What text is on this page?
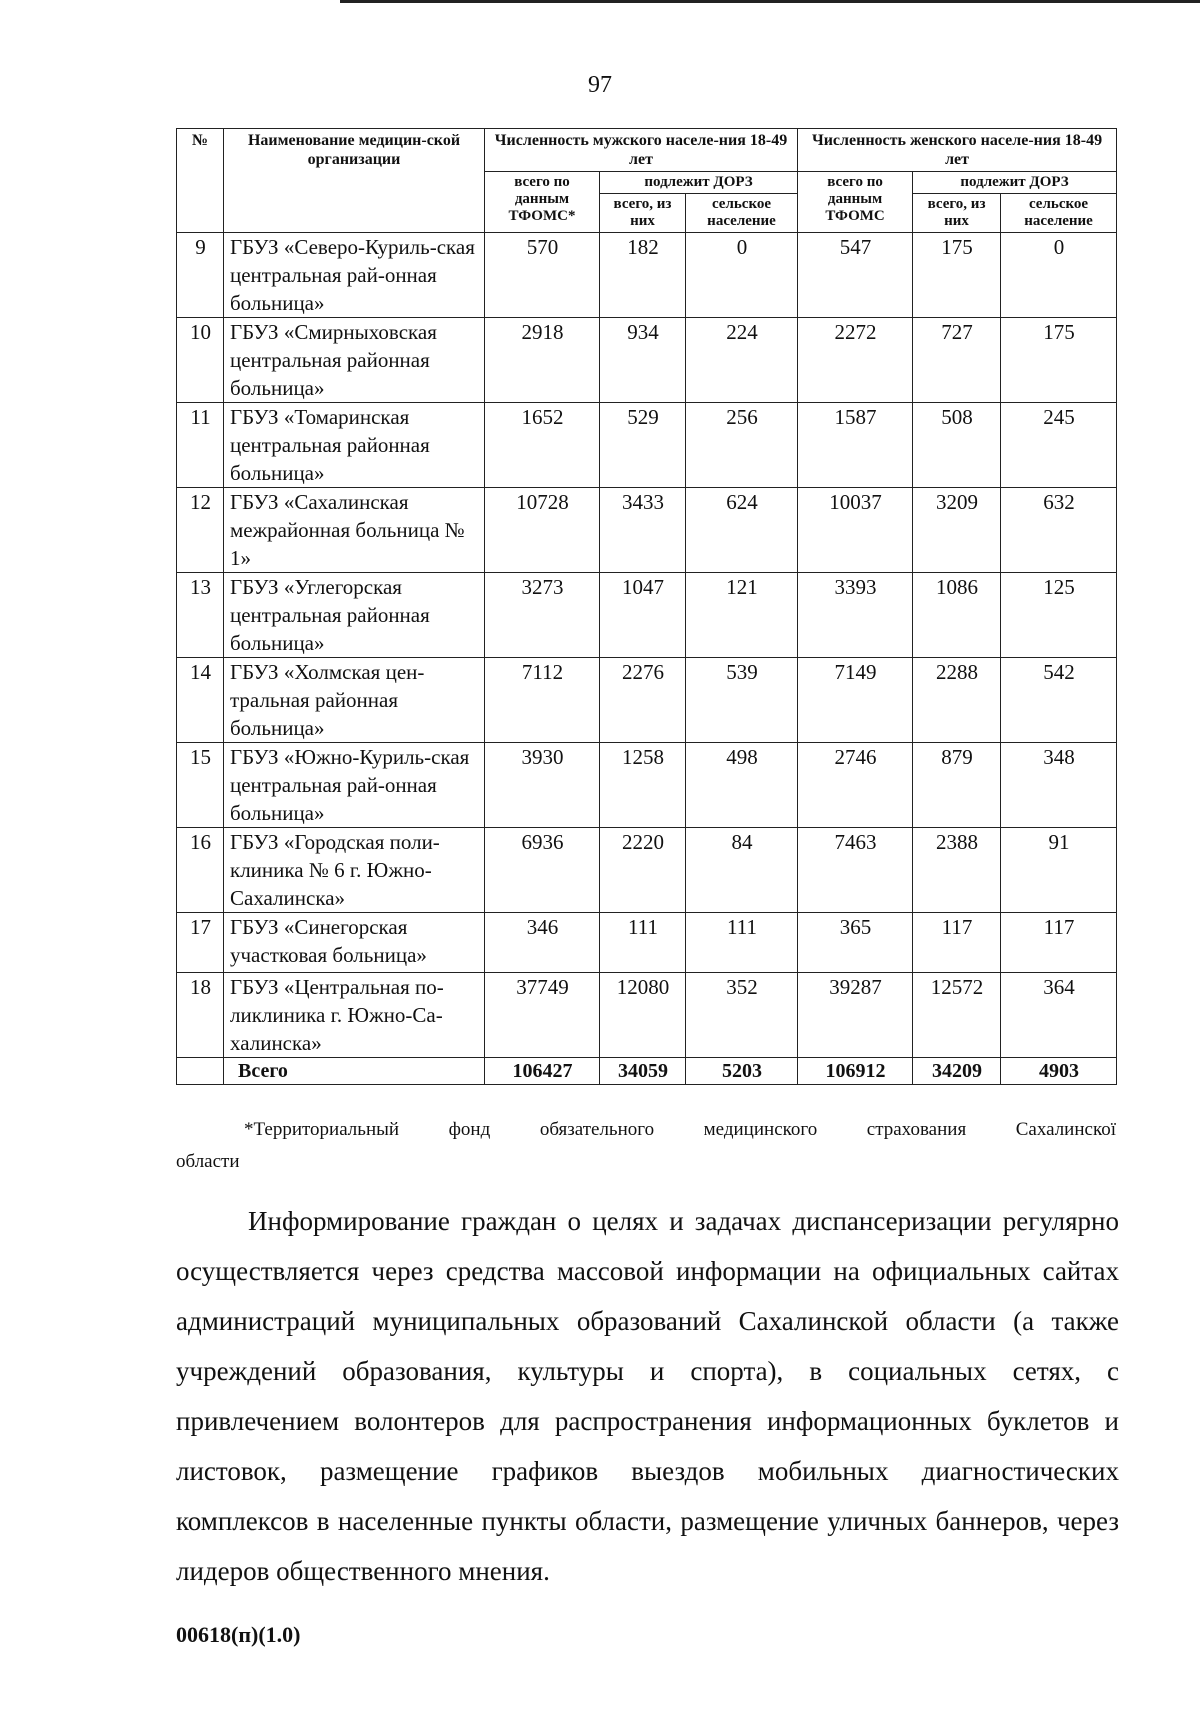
97
№	Наименование медицин-ской организации	Численность мужского населе-ния 18-49 лет			Численность женского населе-ния 18-49 лет		
		всего по данным ТФОМС*	подлежит ДОРЗ		всего по данным ТФОМС	подлежит ДОРЗ	
			всего, из них	сельское население		всего, из них	сельское население
9	ГБУЗ «Северо-Куриль-ская центральная рай-онная больница»	570	182	0	547	175	0
10	ГБУЗ «Смирныховская центральная районная больница»	2918	934	224	2272	727	175
11	ГБУЗ «Томаринская центральная районная больница»	1652	529	256	1587	508	245
12	ГБУЗ «Сахалинская межрайонная больница № 1»	10728	3433	624	10037	3209	632
13	ГБУЗ «Углегорская центральная районная больница»	3273	1047	121	3393	1086	125
14	ГБУЗ «Холмская цен-тральная районная больница»	7112	2276	539	7149	2288	542
15	ГБУЗ «Южно-Куриль-ская центральная рай-онная больница»	3930	1258	498	2746	879	348
16	ГБУЗ «Городская поли-клиника № 6 г. Южно-Сахалинска»	6936	2220	84	7463	2388	91
17	ГБУЗ «Синегорская участковая больница»	346	111	111	365	117	117
18	ГБУЗ «Центральная по-ликлиника г. Южно-Са-халинска»	37749	12080	352	39287	12572	364
	Всего	106427	34059	5203	106912	34209	4903
*Территориальный фонд обязательного медицинского страхования Сахалинскої
области

Информирование граждан о целях и задачах диспансеризации регулярно осуществляется через средства массовой информации на официальных сайтах администраций муниципальных образований Сахалинской области (а также учреждений образования, культуры и спорта), в социальных сетях, с привлечением волонтеров для распространения информационных буклетов и листовок, размещение графиков выездов мобильных диагностических комплексов в населенные пункты области, размещение уличных баннеров, через лидеров общественного мнения.

00618(п)(1.0)
